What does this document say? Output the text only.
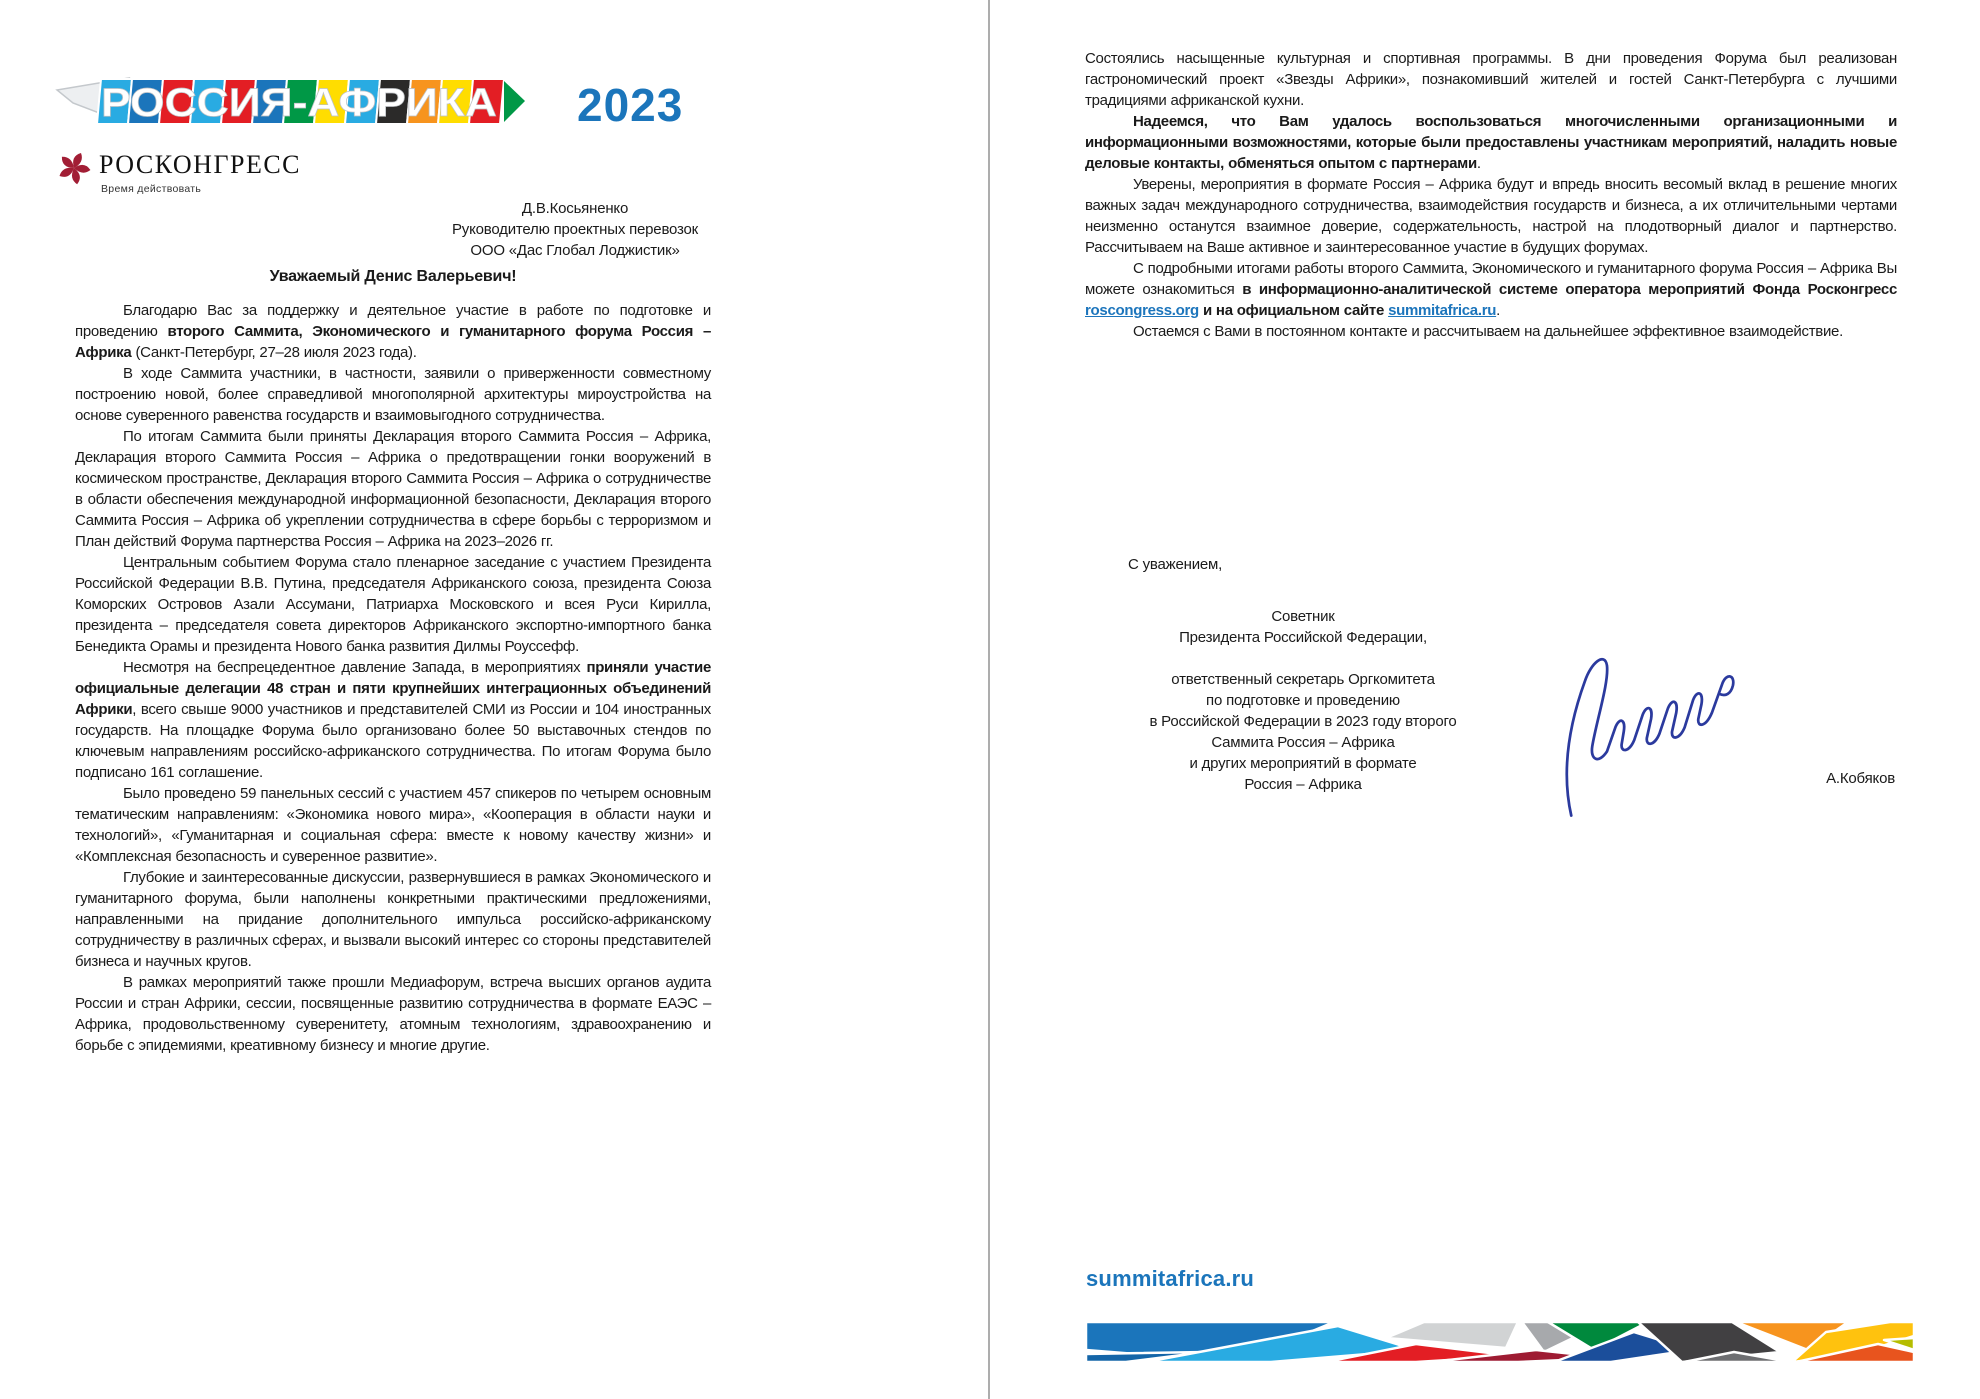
РОССИЯ-АФРИКА 2023
РОСКОНГРЕСС
Время действовать
Д.В.Косьяненко
Руководителю проектных перевозок
ООО «Дас Глобал Лоджистик»
Уважаемый Денис Валерьевич!

Благодарю Вас за поддержку и деятельное участие в работе по подготовке и проведению второго Саммита, Экономического и гуманитарного форума Россия – Африка (Санкт-Петербург, 27–28 июля 2023 года).

В ходе Саммита участники, в частности, заявили о приверженности совместному построению новой, более справедливой многополярной архитектуры мироустройства на основе суверенного равенства государств и взаимовыгодного сотрудничества.

По итогам Саммита были приняты Декларация второго Саммита Россия – Африка, Декларация второго Саммита Россия – Африка о предотвращении гонки вооружений в космическом пространстве, Декларация второго Саммита Россия – Африка о сотрудничестве в области обеспечения международной информационной безопасности, Декларация второго Саммита Россия – Африка об укреплении сотрудничества в сфере борьбы с терроризмом и План действий Форума партнерства Россия – Африка на 2023–2026 гг.

Центральным событием Форума стало пленарное заседание с участием Президента Российской Федерации В.В. Путина, председателя Африканского союза, президента Союза Коморских Островов Азали Ассумани, Патриарха Московского и всея Руси Кирилла, президента – председателя совета директоров Африканского экспортно-импортного банка Бенедикта Орамы и президента Нового банка развития Дилмы Роуссефф.

Несмотря на беспрецедентное давление Запада, в мероприятиях приняли участие официальные делегации 48 стран и пяти крупнейших интеграционных объединений Африки, всего свыше 9000 участников и представителей СМИ из России и 104 иностранных государств. На площадке Форума было организовано более 50 выставочных стендов по ключевым направлениям российско-африканского сотрудничества. По итогам Форума было подписано 161 соглашение.

Было проведено 59 панельных сессий с участием 457 спикеров по четырем основным тематическим направлениям: «Экономика нового мира», «Кооперация в области науки и технологий», «Гуманитарная и социальная сфера: вместе к новому качеству жизни» и «Комплексная безопасность и суверенное развитие».

Глубокие и заинтересованные дискуссии, развернувшиеся в рамках Экономического и гуманитарного форума, были наполнены конкретными практическими предложениями, направленными на придание дополнительного импульса российско-африканскому сотрудничеству в различных сферах, и вызвали высокий интерес со стороны представителей бизнеса и научных кругов.

В рамках мероприятий также прошли Медиафорум, встреча высших органов аудита России и стран Африки, сессии, посвященные развитию сотрудничества в формате ЕАЭС – Африка, продовольственному суверенитету, атомным технологиям, здравоохранению и борьбе с эпидемиями, креативному бизнесу и многие другие.

Состоялись насыщенные культурная и спортивная программы. В дни проведения Форума был реализован гастрономический проект «Звезды Африки», познакомивший жителей и гостей Санкт-Петербурга с лучшими традициями африканской кухни.

Надеемся, что Вам удалось воспользоваться многочисленными организационными и информационными возможностями, которые были предоставлены участникам мероприятий, наладить новые деловые контакты, обменяться опытом с партнерами.

Уверены, мероприятия в формате Россия – Африка будут и впредь вносить весомый вклад в решение многих важных задач международного сотрудничества, взаимодействия государств и бизнеса, а их отличительными чертами неизменно останутся взаимное доверие, содержательность, настрой на плодотворный диалог и партнерство. Рассчитываем на Ваше активное и заинтересованное участие в будущих форумах.

С подробными итогами работы второго Саммита, Экономического и гуманитарного форума Россия – Африка Вы можете ознакомиться в информационно-аналитической системе оператора мероприятий Фонда Росконгресс roscongress.org и на официальном сайте summitafrica.ru.

Остаемся с Вами в постоянном контакте и рассчитываем на дальнейшее эффективное взаимодействие.

С уважением,
Советник
Президента Российской Федерации,

ответственный секретарь Оргкомитета
по подготовке и проведению
в Российской Федерации в 2023 году второго
Саммита Россия – Африка
и других мероприятий в формате
Россия – Африка	А.Кобяков
summitafrica.ru
